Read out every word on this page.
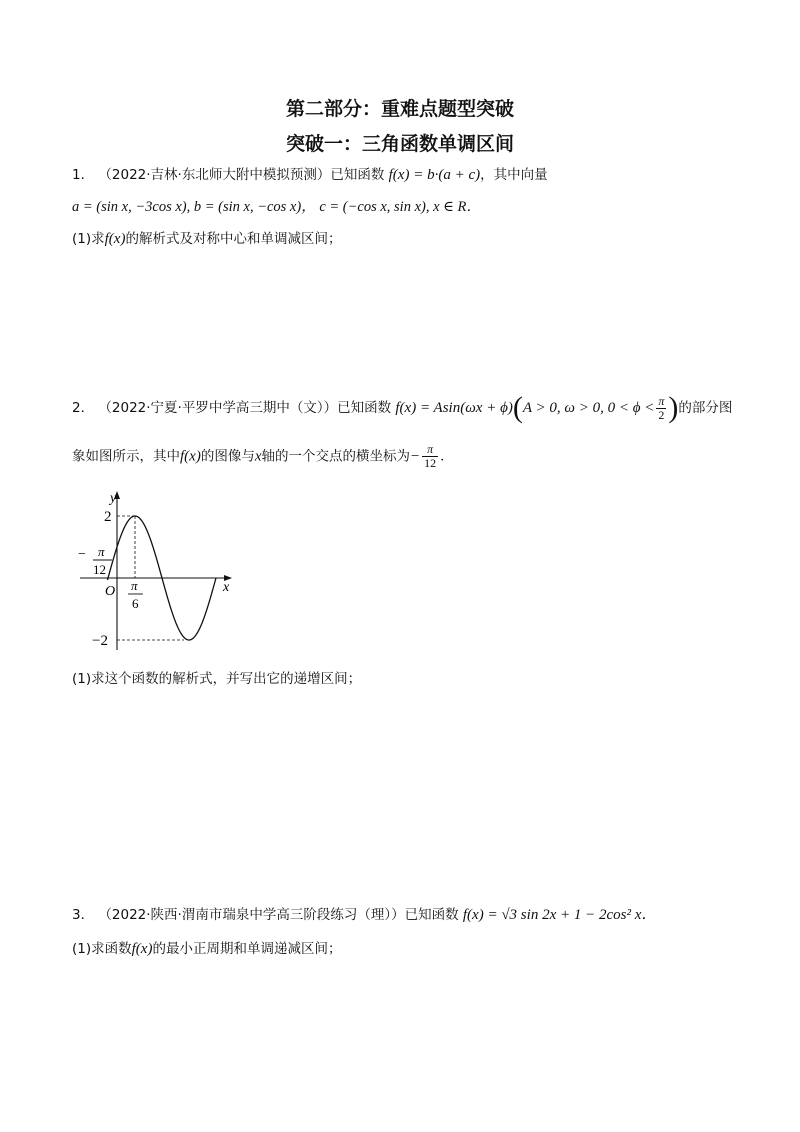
第二部分：重难点题型突破
突破一：三角函数单调区间
1． （2022·吉林·东北师大附中模拟预测）已知函数 f(x) = b·(a + c)，其中向量
a = (sin x, −3cos x), b = (sin x, −cos x)， c = (−cos x, sin x), x ∈ R．
(1)求f(x)的解析式及对称中心和单调减区间；
2． （2022·宁夏·平罗中学高三期中（文））已知函数 f(x) = Asin(ωx + ϕ)(A > 0, ω > 0, $0 < \phi < \frac{\pi}{2}$ )的部分图
象如图所示，其中f(x)的图像与x轴的一个交点的横坐标为− $\frac{\pi}{12}$ ．
y
x
O
2
−2
− π
12
π
6
(1)求这个函数的解析式，并写出它的递增区间；
3． （2022·陕西·渭南市瑞泉中学高三阶段练习（理））已知函数 f(x) = √3 sin 2x + 1 − 2cos² x．
(1)求函数f(x)的最小正周期和单调递减区间；
